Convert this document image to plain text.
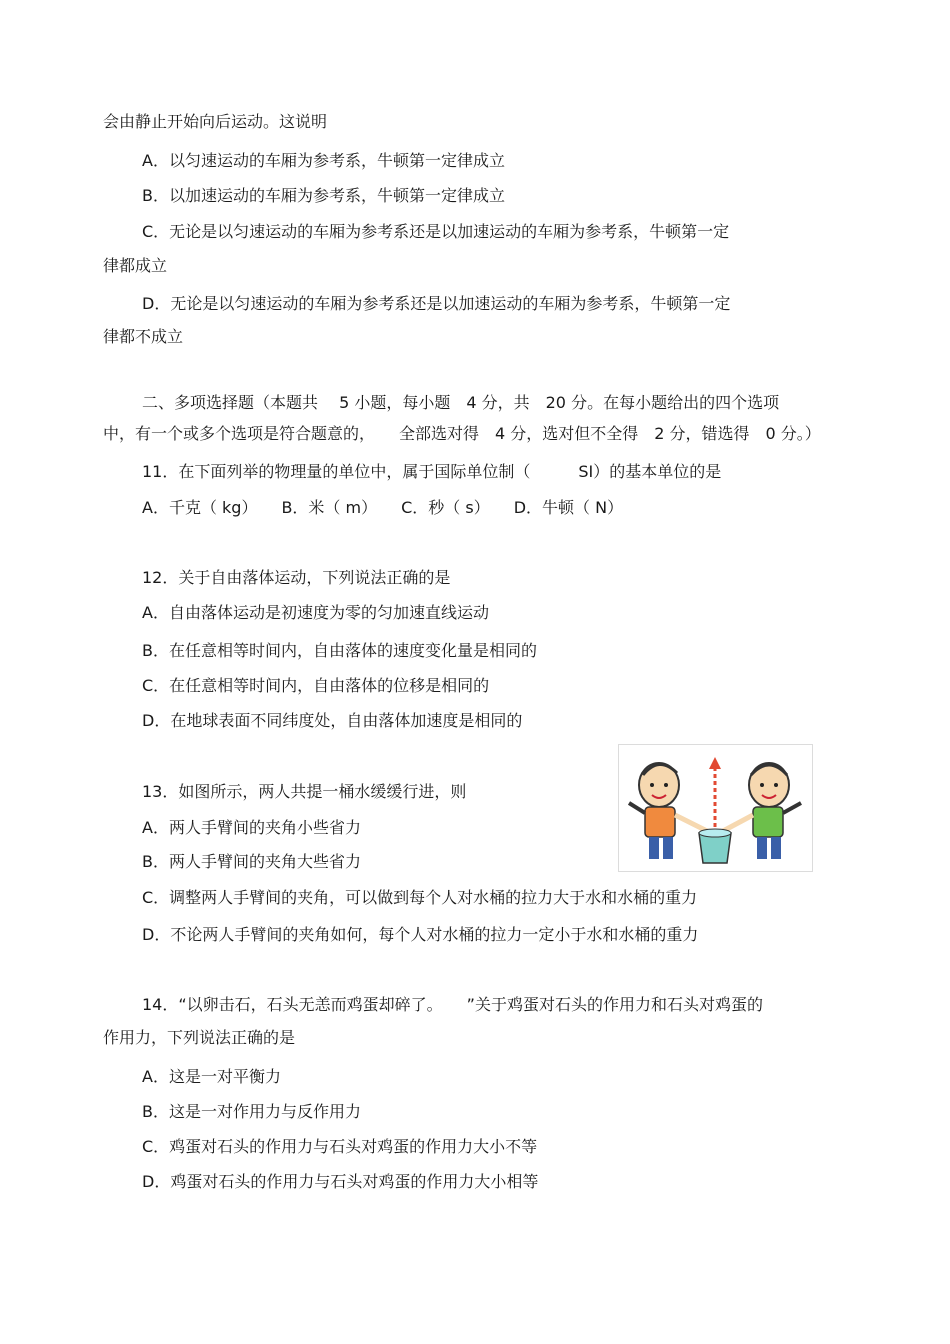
会由静止开始向后运动。这说明
A．以匀速运动的车厢为参考系，牛顿第一定律成立
B．以加速运动的车厢为参考系，牛顿第一定律成立
C．无论是以匀速运动的车厢为参考系还是以加速运动的车厢为参考系，牛顿第一定
律都成立
D．无论是以匀速运动的车厢为参考系还是以加速运动的车厢为参考系，牛顿第一定
律都不成立
二、多项选择题（本题共　 5 小题，每小题　4 分，共　20 分。在每小题给出的四个选项
中，有一个或多个选项是符合题意的，　　全部选对得　4 分，选对但不全得　2 分，错选得　0 分。）
11．在下面列举的物理量的单位中，属于国际单位制（　　　SI）的基本单位的是
A．千克（ kg）　　B．米（ m）　　C．秒（ s）　　D．牛顿（ N）
12．关于自由落体运动，下列说法正确的是
A．自由落体运动是初速度为零的匀加速直线运动
B．在任意相等时间内，自由落体的速度变化量是相同的
C．在任意相等时间内，自由落体的位移是相同的
D．在地球表面不同纬度处，自由落体加速度是相同的
13．如图所示，两人共提一桶水缓缓行进，则
A．两人手臂间的夹角小些省力
B．两人手臂间的夹角大些省力
C．调整两人手臂间的夹角，可以做到每个人对水桶的拉力大于水和水桶的重力
D．不论两人手臂间的夹角如何，每个人对水桶的拉力一定小于水和水桶的重力
14．“以卵击石，石头无恙而鸡蛋却碎了。　　”关于鸡蛋对石头的作用力和石头对鸡蛋的
作用力，下列说法正确的是
A．这是一对平衡力
B．这是一对作用力与反作用力
C．鸡蛋对石头的作用力与石头对鸡蛋的作用力大小不等
D．鸡蛋对石头的作用力与石头对鸡蛋的作用力大小相等
